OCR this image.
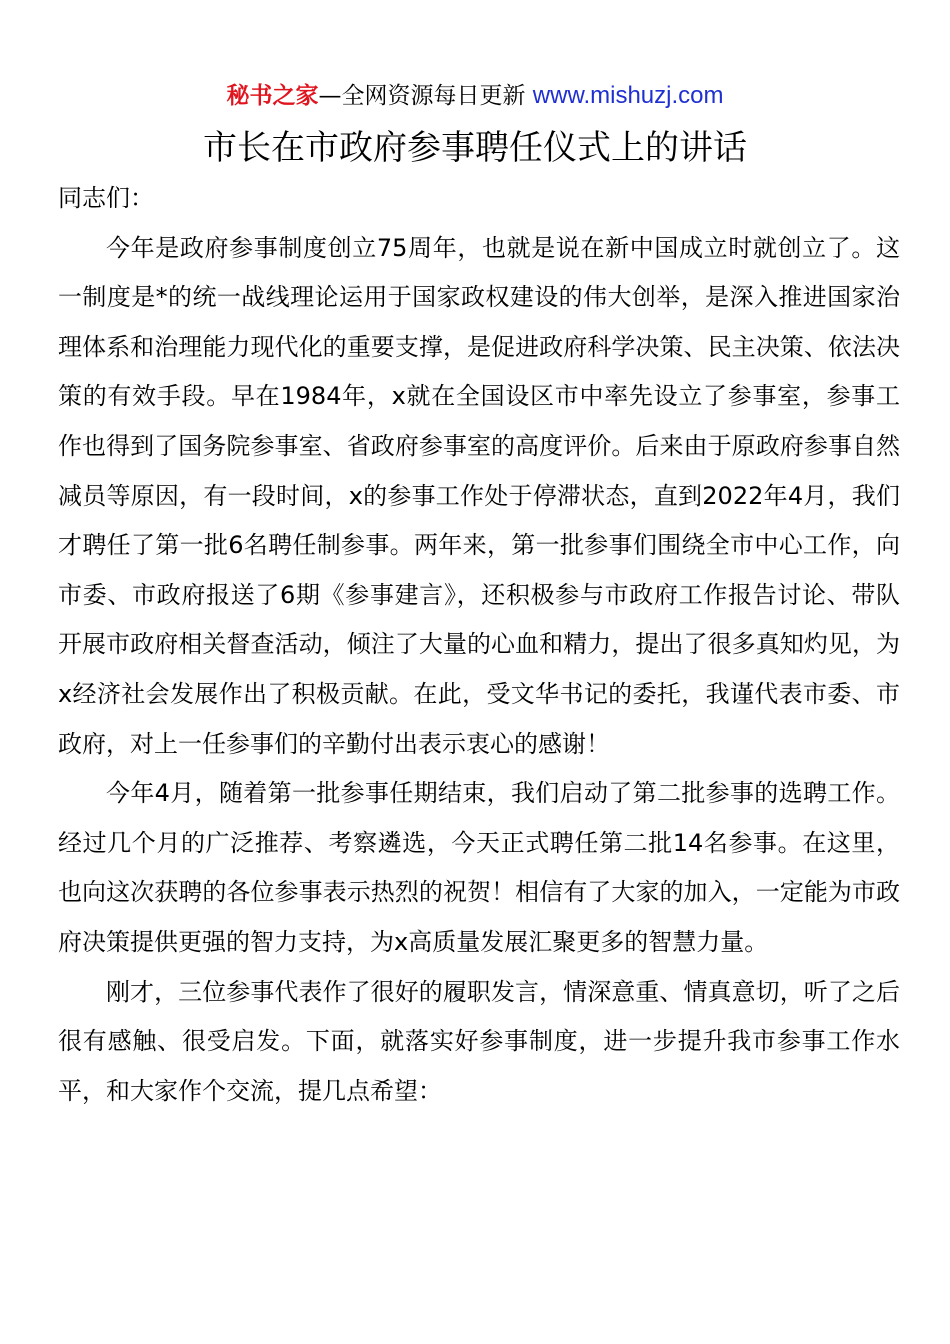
秘书之家—全网资源每日更新 www.mishuzj.com
市长在市政府参事聘任仪式上的讲话

同志们：

今年是政府参事制度创立75周年，也就是说在新中国成立时就创立了。这一制度是*的统一战线理论运用于国家政权建设的伟大创举，是深入推进国家治理体系和治理能力现代化的重要支撑，是促进政府科学决策、民主决策、依法决策的有效手段。早在1984年，x就在全国设区市中率先设立了参事室，参事工作也得到了国务院参事室、省政府参事室的高度评价。后来由于原政府参事自然减员等原因，有一段时间，x的参事工作处于停滞状态，直到2022年4月，我们才聘任了第一批6名聘任制参事。两年来，第一批参事们围绕全市中心工作，向市委、市政府报送了6期《参事建言》，还积极参与市政府工作报告讨论、带队开展市政府相关督查活动，倾注了大量的心血和精力，提出了很多真知灼见，为x经济社会发展作出了积极贡献。在此，受文华书记的委托，我谨代表市委、市政府，对上一任参事们的辛勤付出表示衷心的感谢！

今年4月，随着第一批参事任期结束，我们启动了第二批参事的选聘工作。经过几个月的广泛推荐、考察遴选，今天正式聘任第二批14名参事。在这里，也向这次获聘的各位参事表示热烈的祝贺！相信有了大家的加入，一定能为市政府决策提供更强的智力支持，为x高质量发展汇聚更多的智慧力量。

刚才，三位参事代表作了很好的履职发言，情深意重、情真意切，听了之后很有感触、很受启发。下面，就落实好参事制度，进一步提升我市参事工作水平，和大家作个交流，提几点希望：
